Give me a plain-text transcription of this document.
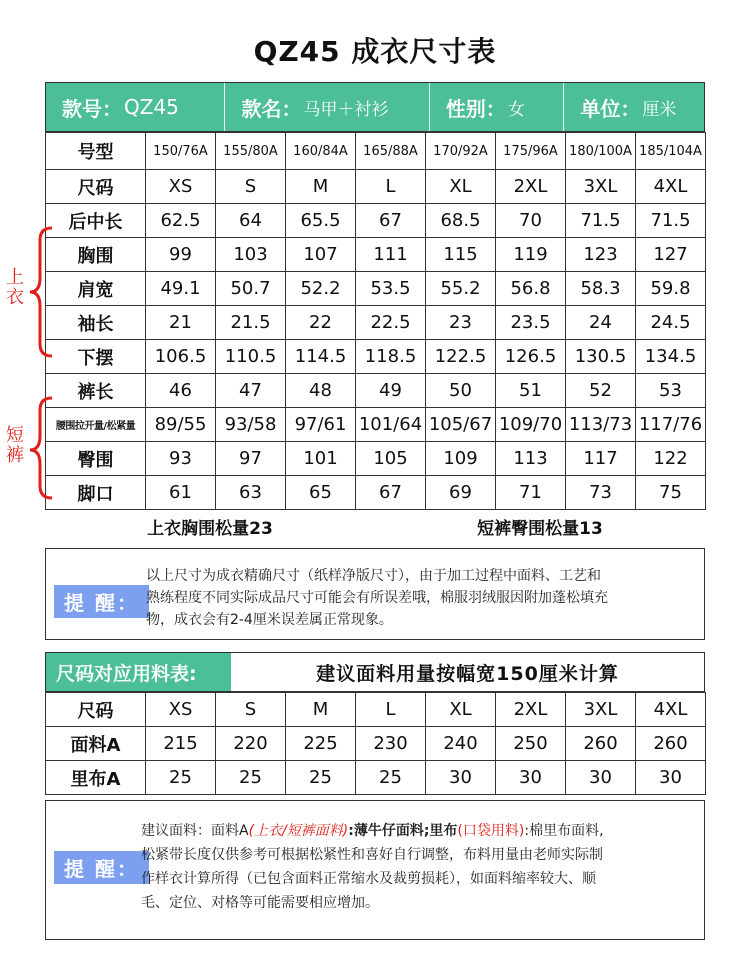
QZ45 成衣尺寸表
款号： QZ45	款名： 马甲＋衬衫	性别： 女	单位： 厘米
号型	150/76A	155/80A	160/84A	165/88A	170/92A	175/96A	180/100A	185/104A
尺码	XS	S	M	L	XL	2XL	3XL	4XL
后中长	62.5	64	65.5	67	68.5	70	71.5	71.5
胸围	99	103	107	111	115	119	123	127
肩宽	49.1	50.7	52.2	53.5	55.2	56.8	58.3	59.8
袖长	21	21.5	22	22.5	23	23.5	24	24.5
下摆	106.5	110.5	114.5	118.5	122.5	126.5	130.5	134.5
裤长	46	47	48	49	50	51	52	53
腰围拉开量/松紧量	89/55	93/58	97/61	101/64	105/67	109/70	113/73	117/76
臀围	93	97	101	105	109	113	117	122
脚口	61	63	65	67	69	71	73	75
上衣
短裤
上衣胸围松量23	短裤臀围松量13
提 醒：
以上尺寸为成衣精确尺寸（纸样净版尺寸），由于加工过程中面料、工艺和
熟练程度不同实际成品尺寸可能会有所误差哦，棉服羽绒服因附加蓬松填充
物，成衣会有2-4厘米误差属正常现象。
尺码对应用料表:	建议面料用量按幅宽150厘米计算
尺码	XS	S	M	L	XL	2XL	3XL	4XL
面料A	215	220	225	230	240	250	260	260
里布A	25	25	25	25	30	30	30	30
提 醒：
建议面料：面料A(上衣/短裤面料):薄牛仔面料;里布(口袋用料):棉里布面料,
松紧带长度仅供参考可根据松紧性和喜好自行调整，布料用量由老师实际制
作样衣计算所得（已包含面料正常缩水及裁剪损耗），如面料缩率较大、顺
毛、定位、对格等可能需要相应增加。
